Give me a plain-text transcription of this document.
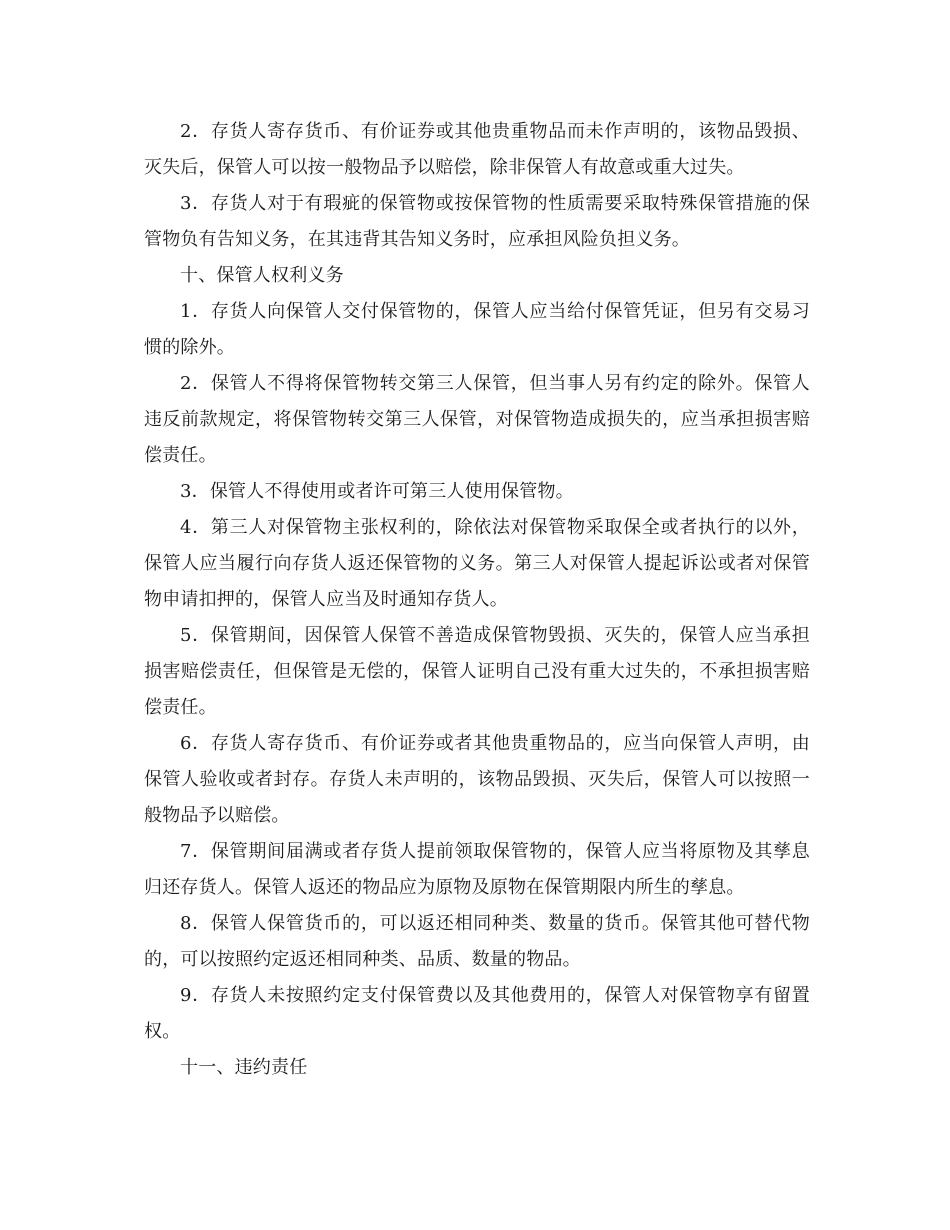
2．存货人寄存货币、有价证券或其他贵重物品而未作声明的，该物品毁损、灭失后，保管人可以按一般物品予以赔偿，除非保管人有故意或重大过失。

3．存货人对于有瑕疵的保管物或按保管物的性质需要采取特殊保管措施的保管物负有告知义务，在其违背其告知义务时，应承担风险负担义务。

十、保管人权利义务

1．存货人向保管人交付保管物的，保管人应当给付保管凭证，但另有交易习惯的除外。

2．保管人不得将保管物转交第三人保管，但当事人另有约定的除外。保管人违反前款规定，将保管物转交第三人保管，对保管物造成损失的，应当承担损害赔偿责任。

3．保管人不得使用或者许可第三人使用保管物。

4．第三人对保管物主张权利的，除依法对保管物采取保全或者执行的以外，保管人应当履行向存货人返还保管物的义务。第三人对保管人提起诉讼或者对保管物申请扣押的，保管人应当及时通知存货人。

5．保管期间，因保管人保管不善造成保管物毁损、灭失的，保管人应当承担损害赔偿责任，但保管是无偿的，保管人证明自己没有重大过失的，不承担损害赔偿责任。

6．存货人寄存货币、有价证券或者其他贵重物品的，应当向保管人声明，由保管人验收或者封存。存货人未声明的，该物品毁损、灭失后，保管人可以按照一般物品予以赔偿。

7．保管期间届满或者存货人提前领取保管物的，保管人应当将原物及其孳息归还存货人。保管人返还的物品应为原物及原物在保管期限内所生的孳息。

8．保管人保管货币的，可以返还相同种类、数量的货币。保管其他可替代物的，可以按照约定返还相同种类、品质、数量的物品。

9．存货人未按照约定支付保管费以及其他费用的，保管人对保管物享有留置权。

十一、违约责任
